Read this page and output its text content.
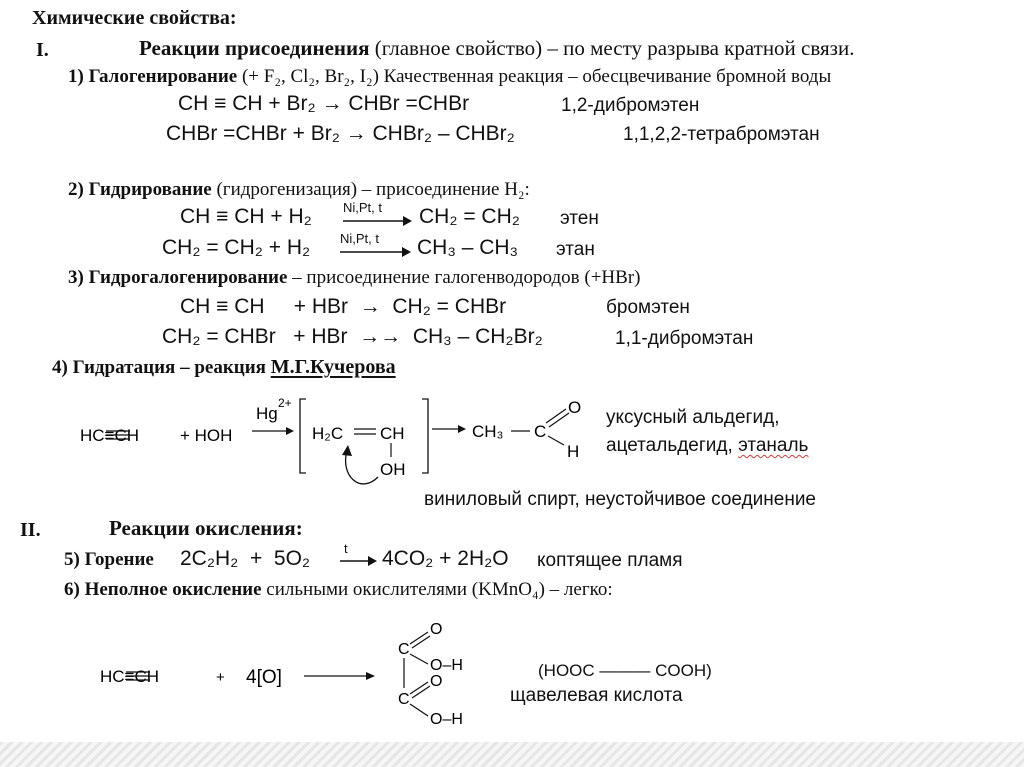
Химические свойства:
I.	Реакции присоединения (главное свойство) – по месту разрыва кратной связи.
1) Галогенирование (+ F₂, Cl₂, Br₂, I₂) Качественная реакция – обесцвечивание бромной воды
CH ≡ CH + Br₂ → CHBr =CHBr	1,2-дибромэтен
CHBr =CHBr + Br₂ → CHBr₂ – CHBr₂	1,1,2,2-тетрабромэтан
2) Гидрирование (гидрогенизация) – присоединение H₂:
CH ≡ CH + H₂ Ni,Pt, t CH₂ = CH₂ этен
CH₂ = CH₂ + H₂ Ni,Pt, t CH₃ – CH₃ этан
3) Гидрогалогенирование – присоединение галогенводородов (+HBr)
CH ≡ CH     + HBr  →  CH₂ = CHBr	бромэтен
CH₂ = CHBr   + HBr  →→  CH₃ – CH₂Br₂	1,1-дибромэтан
4) Гидратация – реакция М.Г.Кучерова
HC≡CH + HOH
Hg
2+
H₂C CH
OH
CH₃ C
O
H
уксусный альдегид,
ацетальдегид, этаналь
виниловый спирт, неустойчивое соединение
II.	Реакции окисления:
5) Горение 2C₂H₂  +  5O₂	t 4CO₂ + 2H₂O коптящее пламя
6) Неполное окисление сильными окислителями (KMnO₄) – легко:
HC≡CH	+ 4[O]
C
O
O–H
C
O
O–H
(HOOC ——— COOH)
щавелевая кислота
